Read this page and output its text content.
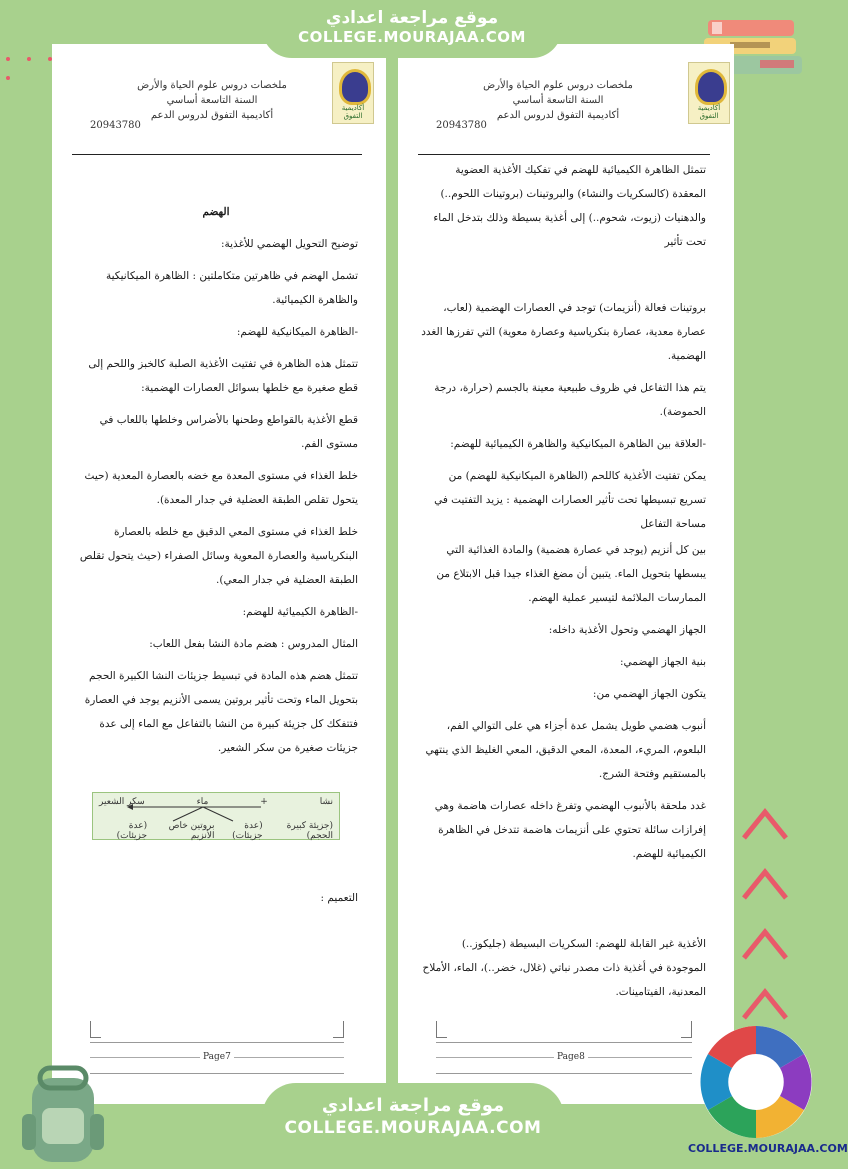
موقع مراجعة اعدادي
COLLEGE.MOURAJAA.COM
أكاديمية التفوق
ملخصات دروس علوم الحياة والأرض
السنة التاسعة أساسي
أكاديمية التفوق لدروس الدعم
20943780

الهضم

توضيح التحويل الهضمي للأغذية:

تشمل الهضم في ظاهرتين متكاملتين : الظاهرة الميكانيكية والظاهرة الكيميائية.

-الظاهرة الميكانيكية للهضم:

تتمثل هذه الظاهرة في تفتيت الأغذية الصلبة كالخبز واللحم إلى قطع صغيرة مع خلطها بسوائل العصارات الهضمية:

قطع الأغذية بالقواطع وطحنها بالأضراس وخلطها باللعاب في مستوى الفم.

خلط الغذاء في مستوى المعدة مع خضه بالعصارة المعدية (حيث يتحول تقلص الطبقة العضلية في جدار المعدة).

خلط الغذاء في مستوى المعي الدقيق مع خلطه بالعصارة البنكرياسية والعصارة المعوية وسائل الصفراء (حيث يتحول تقلص الطبقة العضلية في جدار المعي).

-الظاهرة الكيميائية للهضم:

المثال المدروس : هضم مادة النشا بفعل اللعاب:

تتمثل هضم هذه المادة في تبسيط جزيئات النشا الكبيرة الحجم بتحويل الماء وتحت تأثير بروتين يسمى الأنزيم يوجد في العصارة فتتفكك كل جزيئة كبيرة من النشا بالتفاعل مع الماء إلى عدة جزيئات صغيرة من سكر الشعير.

نشا
+
ماء
سكر الشعير
(جزيئة كبيرة الحجم)
(عدة جزيئات)
بروتين خاص الأنزيم
(عدة جزيئات)

التعميم :

Page7
أكاديمية التفوق
ملخصات دروس علوم الحياة والأرض
السنة التاسعة أساسي
أكاديمية التفوق لدروس الدعم
20943780

تتمثل الظاهرة الكيميائية للهضم في تفكيك الأغذية العضوية المعقدة (كالسكريات والنشاء) والبروتينات (بروتينات اللحوم..) والدهنيات (زيوت، شحوم..) إلى أغذية بسيطة وذلك بتدخل الماء تحت تأثير

بروتينات فعالة (أنزيمات) توجد في العصارات الهضمية (لعاب، عصارة معدية، عصارة بنكرياسية وعصارة معوية) التي تفرزها الغدد الهضمية.

يتم هذا التفاعل في ظروف طبيعية معينة بالجسم (حرارة، درجة الحموضة).

-العلاقة بين الظاهرة الميكانيكية والظاهرة الكيميائية للهضم:

يمكن تفتيت الأغذية كاللحم (الظاهرة الميكانيكية للهضم) من تسريع تبسيطها تحت تأثير العصارات الهضمية : يزيد التفتيت في مساحة التفاعل

بين كل أنزيم (يوجد في عصارة هضمية) والمادة الغذائية التي يبسطها بتحويل الماء. يتبين أن مضغ الغذاء جيدا قبل الابتلاع من الممارسات الملائمة لتيسير عملية الهضم.

الجهاز الهضمي وتحول الأغذية داخله:

بنية الجهاز الهضمي:

يتكون الجهاز الهضمي من:

أنبوب هضمي طويل يشمل عدة أجزاء هي على التوالي الفم، البلعوم، المريء، المعدة، المعي الدقيق، المعي الغليظ الذي ينتهي بالمستقيم وفتحة الشرج.

غدد ملحقة بالأنبوب الهضمي وتفرغ داخله عصارات هاضمة وهي إفرازات سائلة تحتوي على أنزيمات هاضمة تتدخل في الظاهرة الكيميائية للهضم.

الأغذية غير القابلة للهضم: السكريات البسيطة (جليكوز..) الموجودة في أغذية ذات مصدر نباتي (غلال، خضر..)، الماء، الأملاح المعدنية، الفيتامينات.

Page8
موقع مراجعة اعدادي
COLLEGE.MOURAJAA.COM
COLLEGE.MOURAJAA.COM
